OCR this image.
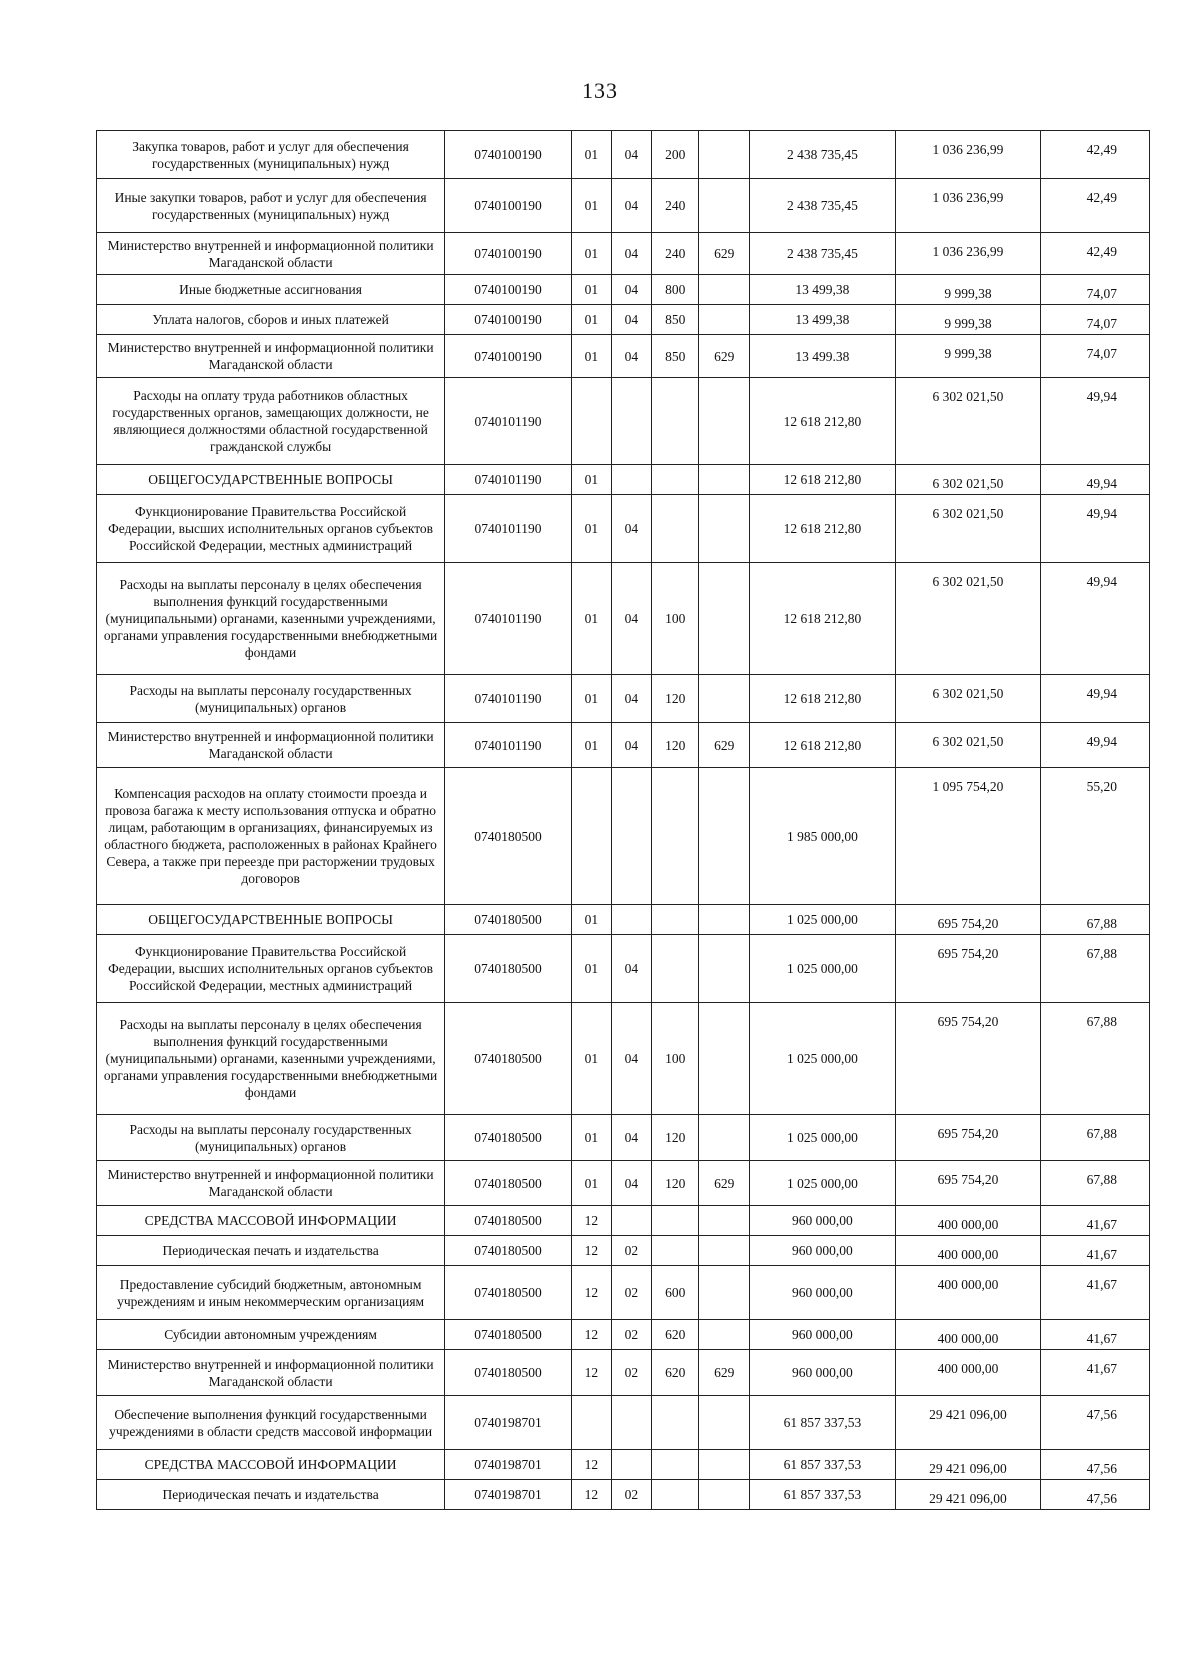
133
Закупка товаров, работ и услуг для обеспечения государственных (муниципальных) нужд	0740100190	01	04	200		2 438 735,45	1 036 236,99	42,49
Иные закупки товаров, работ и услуг для обеспечения государственных (муниципальных) нужд	0740100190	01	04	240		2 438 735,45	1 036 236,99	42,49
Министерство внутренней и информационной политики Магаданской области	0740100190	01	04	240	629	2 438 735,45	1 036 236,99	42,49
Иные бюджетные ассигнования	0740100190	01	04	800		13 499,38	9 999,38	74,07
Уплата налогов, сборов и иных платежей	0740100190	01	04	850		13 499,38	9 999,38	74,07
Министерство внутренней и информационной политики Магаданской области	0740100190	01	04	850	629	13 499.38	9 999,38	74,07
Расходы на оплату труда работников областных государственных органов, замещающих должности, не являющиеся должностями областной государственной гражданской службы	0740101190					12 618 212,80	6 302 021,50	49,94
ОБЩЕГОСУДАРСТВЕННЫЕ ВОПРОСЫ	0740101190	01				12 618 212,80	6 302 021,50	49,94
Функционирование Правительства Российской Федерации, высших исполнительных органов субъектов Российской Федерации, местных администраций	0740101190	01	04			12 618 212,80	6 302 021,50	49,94
Расходы на выплаты персоналу в целях обеспечения выполнения функций государственными (муниципальными) органами, казенными учреждениями, органами управления государственными внебюджетными фондами	0740101190	01	04	100		12 618 212,80	6 302 021,50	49,94
Расходы на выплаты персоналу государственных (муниципальных) органов	0740101190	01	04	120		12 618 212,80	6 302 021,50	49,94
Министерство внутренней и информационной политики Магаданской области	0740101190	01	04	120	629	12 618 212,80	6 302 021,50	49,94
Компенсация расходов на оплату стоимости проезда и провоза багажа к месту использования отпуска и обратно лицам, работающим в организациях, финансируемых из областного бюджета, расположенных в районах Крайнего Севера, а также при переезде при расторжении трудовых договоров	0740180500					1 985 000,00	1 095 754,20	55,20
ОБЩЕГОСУДАРСТВЕННЫЕ ВОПРОСЫ	0740180500	01				1 025 000,00	695 754,20	67,88
Функционирование Правительства Российской Федерации, высших исполнительных органов субъектов Российской Федерации, местных администраций	0740180500	01	04			1 025 000,00	695 754,20	67,88
Расходы на выплаты персоналу в целях обеспечения выполнения функций государственными (муниципальными) органами, казенными учреждениями, органами управления государственными внебюджетными фондами	0740180500	01	04	100		1 025 000,00	695 754,20	67,88
Расходы на выплаты персоналу государственных (муниципальных) органов	0740180500	01	04	120		1 025 000,00	695 754,20	67,88
Министерство внутренней и информационной политики Магаданской области	0740180500	01	04	120	629	1 025 000,00	695 754,20	67,88
СРЕДСТВА МАССОВОЙ ИНФОРМАЦИИ	0740180500	12				960 000,00	400 000,00	41,67
Периодическая печать и издательства	0740180500	12	02			960 000,00	400 000,00	41,67
Предоставление субсидий бюджетным, автономным учреждениям и иным некоммерческим организациям	0740180500	12	02	600		960 000,00	400 000,00	41,67
Субсидии автономным учреждениям	0740180500	12	02	620		960 000,00	400 000,00	41,67
Министерство внутренней и информационной политики Магаданской области	0740180500	12	02	620	629	960 000,00	400 000,00	41,67
Обеспечение выполнения функций государственными учреждениями в области средств массовой информации	0740198701					61 857 337,53	29 421 096,00	47,56
СРЕДСТВА МАССОВОЙ ИНФОРМАЦИИ	0740198701	12				61 857 337,53	29 421 096,00	47,56
Периодическая печать и издательства	0740198701	12	02			61 857 337,53	29 421 096,00	47,56
